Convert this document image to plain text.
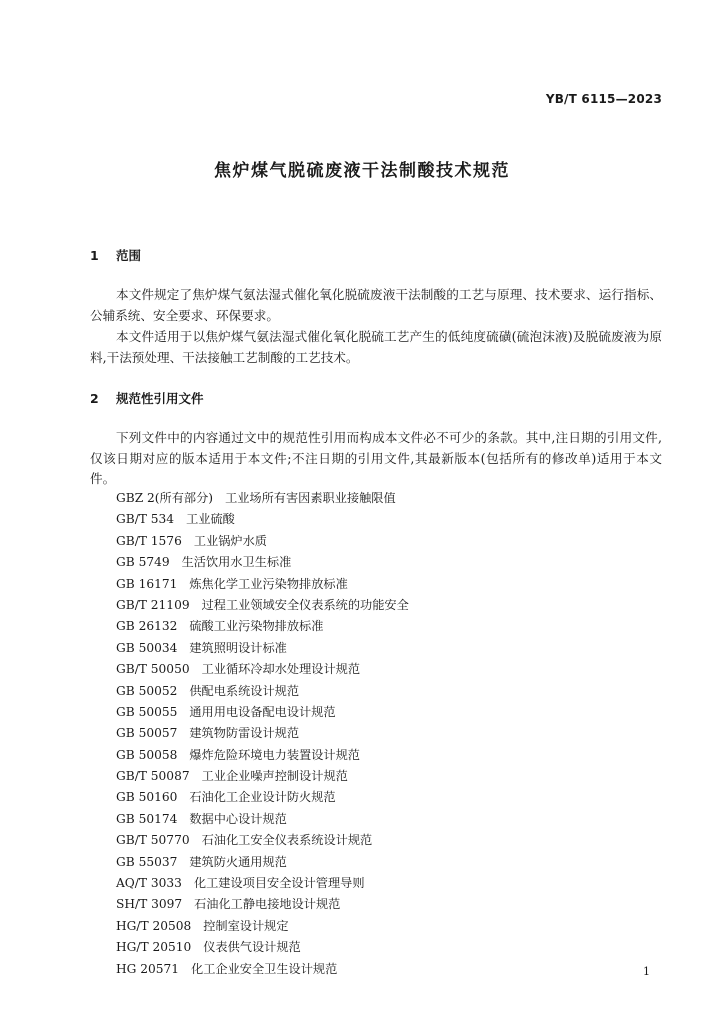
YB/T 6115—2023
焦炉煤气脱硫废液干法制酸技术规范
1 范围
本文件规定了焦炉煤气氨法湿式催化氧化脱硫废液干法制酸的工艺与原理、技术要求、运行指标、公辅系统、安全要求、环保要求。
本文件适用于以焦炉煤气氨法湿式催化氧化脱硫工艺产生的低纯度硫磺(硫泡沫液)及脱硫废液为原料,干法预处理、干法接触工艺制酸的工艺技术。
2 规范性引用文件
下列文件中的内容通过文中的规范性引用而构成本文件必不可少的条款。其中,注日期的引用文件,仅该日期对应的版本适用于本文件;不注日期的引用文件,其最新版本(包括所有的修改单)适用于本文件。
GBZ 2(所有部分) 工业场所有害因素职业接触限值
GB/T 534 工业硫酸
GB/T 1576 工业锅炉水质
GB 5749 生活饮用水卫生标准
GB 16171 炼焦化学工业污染物排放标准
GB/T 21109 过程工业领域安全仪表系统的功能安全
GB 26132 硫酸工业污染物排放标准
GB 50034 建筑照明设计标准
GB/T 50050 工业循环冷却水处理设计规范
GB 50052 供配电系统设计规范
GB 50055 通用用电设备配电设计规范
GB 50057 建筑物防雷设计规范
GB 50058 爆炸危险环境电力装置设计规范
GB/T 50087 工业企业噪声控制设计规范
GB 50160 石油化工企业设计防火规范
GB 50174 数据中心设计规范
GB/T 50770 石油化工安全仪表系统设计规范
GB 55037 建筑防火通用规范
AQ/T 3033 化工建设项目安全设计管理导则
SH/T 3097 石油化工静电接地设计规范
HG/T 20508 控制室设计规定
HG/T 20510 仪表供气设计规范
HG 20571 化工企业安全卫生设计规范	1
